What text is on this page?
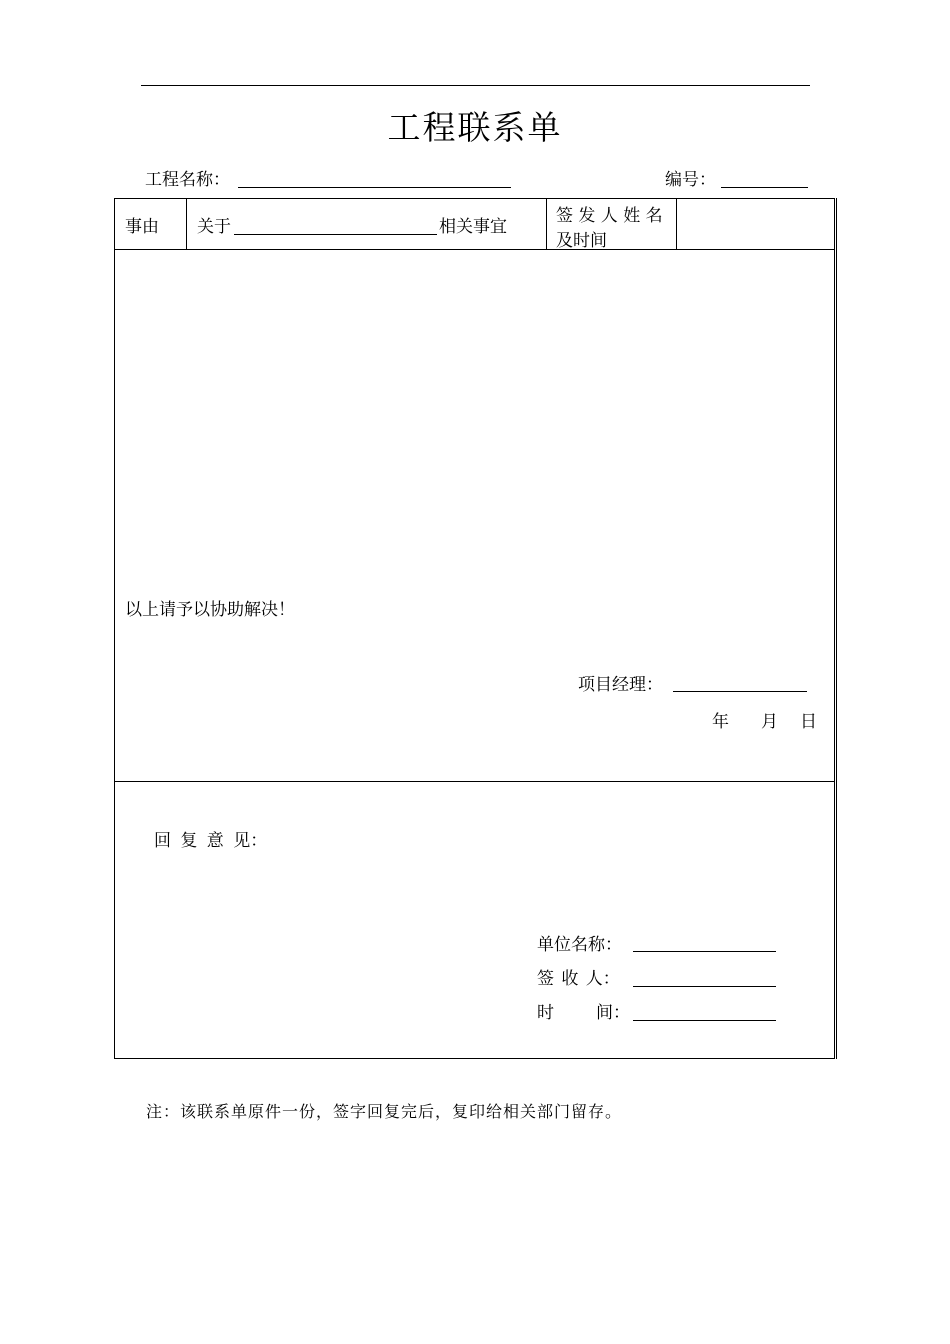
工程联系单
工程名称：	编号：
事由 关于	相关事宜
签 发 人 姓 名
及时间
以上请予以协助解决！
项目经理：
年 月 日
回 复 意 见：
单位名称：
签 收 人：
时 间：
注：该联系单原件一份，签字回复完后，复印给相关部门留存。
